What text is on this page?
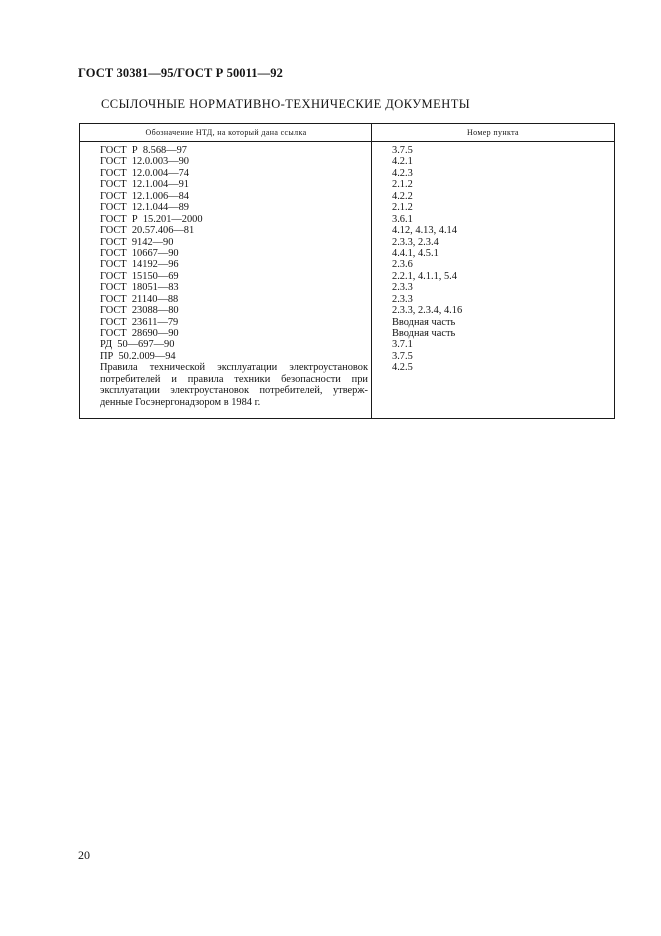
ГОСТ 30381—95/ГОСТ Р 50011—92
ССЫЛОЧНЫЕ НОРМАТИВНО-ТЕХНИЧЕСКИЕ ДОКУМЕНТЫ
Обозначение НТД, на который дана ссылка	Номер пункта
ГОСТ  Р  8.568—97
ГОСТ  12.0.003—90
ГОСТ  12.0.004—74
ГОСТ  12.1.004—91
ГОСТ  12.1.006—84
ГОСТ  12.1.044—89
ГОСТ  Р  15.201—2000
ГОСТ  20.57.406—81
ГОСТ  9142—90
ГОСТ  10667—90
ГОСТ  14192—96
ГОСТ  15150—69
ГОСТ  18051—83
ГОСТ  21140—88
ГОСТ  23088—80
ГОСТ  23611—79
ГОСТ  28690—90
РД  50—697—90
ПР  50.2.009—94
Правила технической эксплуатации электроустановок
потребителей и правила техники безопасности при
эксплуатации электроустановок потребителей, утверж-
денные Госэнергонадзором в 1984 г.
3.7.5
4.2.1
4.2.3
2.1.2
4.2.2
2.1.2
3.6.1
4.12, 4.13, 4.14
2.3.3, 2.3.4
4.4.1, 4.5.1
2.3.6
2.2.1, 4.1.1, 5.4
2.3.3
2.3.3
2.3.3, 2.3.4, 4.16
Вводная часть
Вводная часть
3.7.1
3.7.5
4.2.5
20
